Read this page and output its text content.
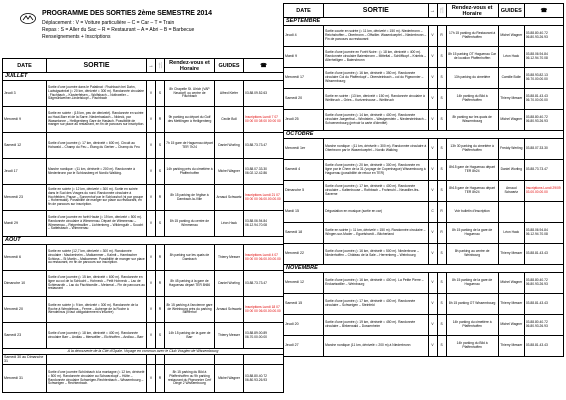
PROGRAMME DES SORTIES 2ème SEMESTRE 2014
Déplacement : V = Voiture particulière – C = Car – T = Train
Repas : S = Aller du Sac – R = Restaurant – A = Abri – B = Barbecue
Renseignements + Inscriptions
DATE	SORTIE	→	🍴	Rendez-vous et Horaire	GUIDES	☎
JUILLET						
Jeudi 3	Sortie d'une journée dans le Palatinat : Fischbach bei Dahn, Ludwigswinkel (≈ 20 km, dénivelé ≈ 300 m). Randonnée circulaire : Fischbach – Klosterfelsen – Wolfsbach – Nothweiler – Sägmühlweiher-Lindelskopf – Fischbach	V	S	8h Chapelle St. Ulrich (VAP Neudorf) ou centre de Fischbach	Alfred Kiefer	03.88.09.52.63
Mercredi 9	Sortie en soirée : (15 km, peu de dénivelé). Randonnée en soirée au Haut-Barr et de la Sarre. Niederhaslach – Nideck, par Wasselonne – Heiligenberg Gare de Haslach. Possibilité de manger sur place au restaurant, en fin de parcours sur inscription.	V	R	9h parking au départ du Golf des Mettlingen à Heiligenberg	Cecile Boll	Inscriptions Lundi 7 07 00 00 00 08 00 00 00 00
Samedi 12	Sortie d'une journée (≈ 17 km, dénivelé ≈ 600 m). Circuit au Hohwald – Champ du Feu – Étang du Gerber – Champ du Feu	V	S	7h 15 gare de Haguenau départ TER 7h24	Daniel Worling	03.88.73.73.47
Jeudi 17	Marche nordique : (11 km, dénivelé ≈ 200 m). Randonnée à Niederbronn par le Schlossberg et Nordic Walking.	V	S	14h parking près du cimetière à Pfaffenhoffen	Michel Wagner	03.88.07.33.30 06.02.12.42.86
Mercredi 23	Sortie en soirée (≈ 12 km, dénivelé ≈ 300 m). Sortie en soirée dans le Sud des Vosges du nord. Randonnée circulaire à Hochfelden. Pause – Sonnenhof par le Schlosshof (ni par groupe – Hohenwald). Possibilité de manger sur place au restaurant, en fin de parcours sur inscription.	V	R	8h 15 parking de l'église à Dambach-la-Ville	Arnaud Schwartz	Inscriptions Lundi 21 07 00 00 00 06.00.00.00.00
Mardi 29	Sortie d'une journée en forêt Haute (≈ 19 km, dénivelé ≈ 500 m). Randonnée circulaire à Wimmenau. Départ de Wimmenau – Wimmenau – Reipertswiller – Lichtenberg – Wildenguth – Soucht – Sattelsbach – Wimmenau	V	S	8h 15 parking du centre de Wimmenau	Léon Hack	03.88.06.94.84 06.12.94.70.08
AOUT						
Mercredi 6	Sortie en soirée (12,7 km, dénivelé ≈ 300 m). Randonnée circulaire : Mackenheim – Maikammer – Kalmit – Hambacher Schloss – St Martin – Maikammer. Possibilité de manger sur place au restaurant, en fin de parcours sur inscription.	V	R	8h parking sur les quais de Dambach	Thierry Messer	Inscriptions Lundi 4 07 00 00 00 06.00.00.00.00
Dimanche 10	Sortie d'une journée (≈ 15 km, dénivelé ≈ 600 m). Randonnée en ligne au col de la Schlucht – Hohneck – Petit Hohneck – Lac de Schiessroth – Lac du Fischboedle – Metzeral – Fin de parcours au restaurant	V	R	8h 45 parking à la gare de Haguenau départ TER 8h56	Daniel Worling	03.88.73.73.47
Mercredi 20	Sortie en soirée (≈ 9 km, dénivelé ≈ 300 m). Randonnée de la Roche à Wendelinus – Ferme – Auberge de la Roche à Wendelinus (il faut obligatoirement s'inscrire)	V	R	8h 15 parking à l'ancienne gare de Weinbourg près du parking Stieferhof	Arnaud Schwartz	Inscriptions Lundi 18 07 00 00 00 06.00.00.00.00
Samedi 23	Sortie d'une journée (≈ 18 km, dénivelé ≈ 400 m). Randonnée circulaire Barr – Andlau – Itterswiller – Eichhoffen – Andlau – Barr	V	S	14h 15 parking de la gare de Barr	Thierry Messer	03.88.89.00.89 06.70.00.00.00
A la découverte de la Cité d'Opale. Voyage en commun avec le Club Vosgien de Wissembourg						
Samedi 30 au Dimanche 31						
Mercredi 31	Sortie d'une journée Schönbach à la montagne (≈ 12 km, dénivelé ≈ 500 m). Randonnée circulaire au Schwarzkopf – Hütte – Randonnée circulaire Schweigen-Rechtenbach – Wissembourg – Schweigen – Rechtenbach.	V	R	8h 15 parking du Bild à Pfaffenhoffen ou 9h parking restaurant du Pigeonnier Cerf Dingé 2 Wissembourg	Michel Wagner	03.88.80.40.72 06.80.93.26.93
DATE	SORTIE	→	🍴	Rendez-vous et Horaire	GUIDES	☎
SEPTEMBRE						
Jeudi 4	Sortie courte en soirée (≈ 11 km, dénivelé ≈ 150 m). Niederbronn – Reichshoffen – Oberbronn – Offwiller. Wasenkoepfel – Niederbronn – Fin de parcours au restaurant	V	R	17h 15 parking du Restaurant à Pfaffenhoffen	Michel Wagner	03.88.80.40.72 06.80.93.26.93
Mardi 9	Sortie d'une journée en Forêt Noire : (≈ 18 km, dénivelé ≈ 400 m). Randonnée circulaire Baiersbronn – Mitteltal – Schliffkopf – Kniebis – Allerheiligen – Baiersbronn	V	S	8h 15 parking OT Haguenau Car de location Pfaffenhoffen	Léon Hack	03.88.06.94.84 06.12.94.70.08
Mercredi 17	Sortie d'une journée (≈ 16 km, dénivelé ≈ 350 m). Randonnée circulaire Col du Pfaffenkopf – Obersteinbach – col du Pigeonnier – Wissembourg	V	S	13h parking du cimetière	Camille Bolle	03.88.93.82.13 06.70.00.00.00
Samedi 20	Sortie en soirée : (13 km, dénivelé ≈ 150 m). Randonnée circulaire à Weitbruch – Gries – Kurtzenhouse – Weitbruch	V	S	14h parking du Bild à Pfaffenhoffen	Thierry Messer	03.88.81.43.43 06.70.00.00.00
Jeudi 25	Sortie d'une journée (≈ 14 km, dénivelé ≈ 400 m). Randonnée circulaire Jaegerthal – Windstein – Wasigenstein – Niedersteinbach – Schoenenbourg (prévoir la carte d'identité)	V	S	8h parking sur les quais de Wissembourg	Michel Wagner	03.88.80.40.72 06.80.93.26.93
OCTOBRE						
Mercredi 1er	Marche nordique : (11 km, dénivelé ≈ 300 m). Randonnée circulaire à Oberbronn par le Wasenkoepfel – Nordic Walking	V	S	13h 30 parking du cimetière à Pfaffenhoffen	Freddy Werling	03.88.07.33.30
Samedi 4	Sortie d'une journée (≈ 20 km, dénivelé ≈ 300 m). Randonnée en ligne par le Chem de la 31 (voyage de Copenhague) Wissembourg à Haguenau (possibilité de retour en TER)	V	S	8h15 gare de Haguenau départ TER 8h24	Daniel Worling	03.88.73.73.47
Dimanche 5	Sortie d'une journée (≈ 17 km, dénivelé ≈ 400 m). Randonnée circulaire – Kaltenhouse – Rothbach – Frohmuhl – Neuwiller-lès-Saverne	V	S	8h15 gare de Haguenau départ TER 8h24	Arnaud Schwartz	Inscriptions Lundi 29/09 03.00.00.00.00
Mardi 15	Dégustation en musique (sortie en car)	C	R	Voir bulletin d'inscription		
Samedi 18	Sortie en soirée (≈ 11 km, dénivelé ≈ 150 m). Randonnée circulaire – Wingen-sur-Moder – Eguelshardt – Bitcherland	V	R	8h 15 parking de la gare de Haguenau	Léon Hack	03.88.06.94.84 06.12.94.70.08
Mercredi 22	Sortie d'une journée (≈ 16 km, dénivelé ≈ 500 m). Niederbronn – Niederhoffen – Château de la Sale – Herrenberg – Weinbourg	V	S	8h parking au centre de Weinbourg	Thierry Messer	03.88.81.43.43
NOVEMBRE						
Mercredi 12	Sortie d'une journée (≈ 16 km, dénivelé ≈ 400 m). La Petite Pierre – Erckartswiller – Weinbourg	V	S	8h 15 parking de la gare de Haguenau	Michel Wagner	03.88.80.40.72 06.80.93.26.93
Samedi 15	Sortie d'une journée (≈ 17 km, dénivelé ≈ 400 m). Randonnée circulaire – Schweigen – Steinfeld	V	S	8h 15 parking OT Wissembourg	Thierry Messer	03.88.81.43.43
Jeudi 20	Sortie d'une journée (≈ 19 km, dénivelé ≈ 450 m). Randonnée circulaire – Birkenwald – Dossenheim	V	S	14h parking du cimetière à Pfaffenhoffen	Michel Wagner	03.88.80.40.72 06.80.93.26.93
Jeudi 27	Marche nordique (11 km, dénivelé ≈ 200 m) à Niederbronn	V	S	14h parking du Bild à Pfaffenhoffen	Thierry Messer	03.88.81.43.43
